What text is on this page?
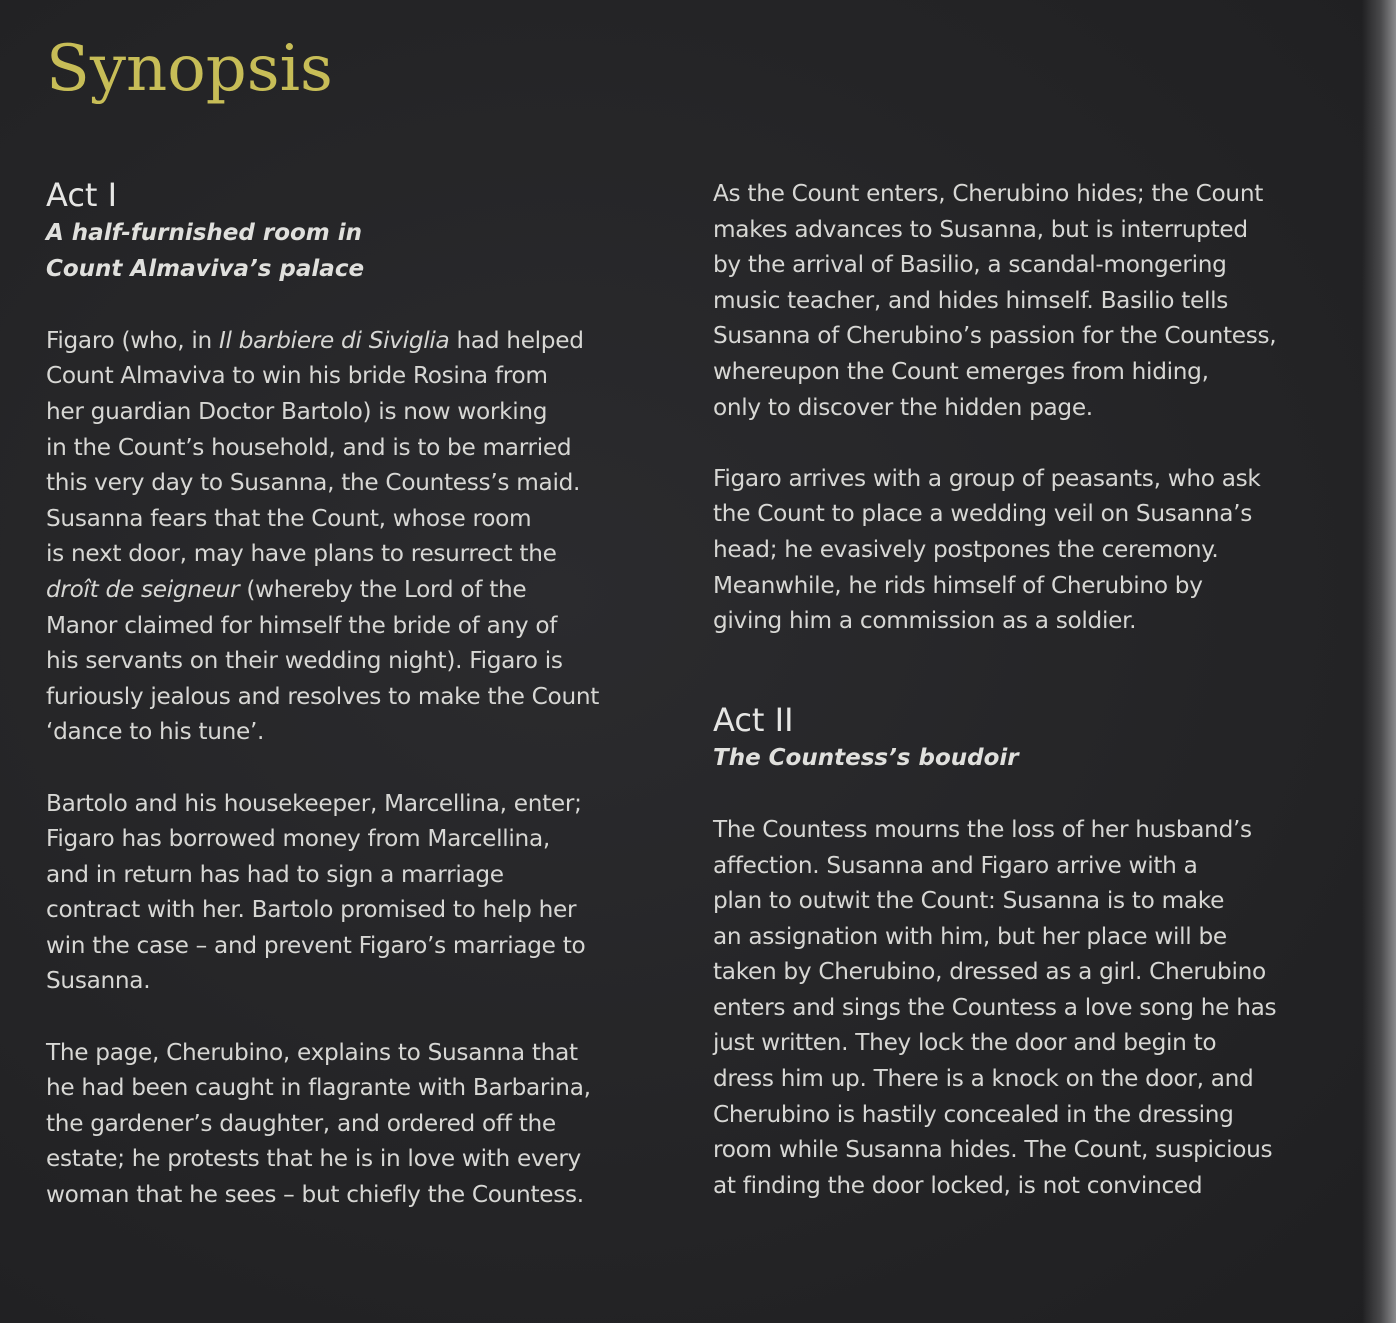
Synopsis
Act I
A half-furnished room in
Count Almaviva’s palace

Figaro (who, in Il barbiere di Siviglia had helped
Count Almaviva to win his bride Rosina from
her guardian Doctor Bartolo) is now working
in the Count’s household, and is to be married
this very day to Susanna, the Countess’s maid.
Susanna fears that the Count, whose room
is next door, may have plans to resurrect the
droît de seigneur (whereby the Lord of the
Manor claimed for himself the bride of any of
his servants on their wedding night). Figaro is
furiously jealous and resolves to make the Count
‘dance to his tune’.

Bartolo and his housekeeper, Marcellina, enter;
Figaro has borrowed money from Marcellina,
and in return has had to sign a marriage
contract with her. Bartolo promised to help her
win the case – and prevent Figaro’s marriage to
Susanna.

The page, Cherubino, explains to Susanna that
he had been caught in flagrante with Barbarina,
the gardener’s daughter, and ordered off the
estate; he protests that he is in love with every
woman that he sees – but chiefly the Countess.

As the Count enters, Cherubino hides; the Count
makes advances to Susanna, but is interrupted
by the arrival of Basilio, a scandal-mongering
music teacher, and hides himself. Basilio tells
Susanna of Cherubino’s passion for the Countess,
whereupon the Count emerges from hiding,
only to discover the hidden page.

Figaro arrives with a group of peasants, who ask
the Count to place a wedding veil on Susanna’s
head; he evasively postpones the ceremony.
Meanwhile, he rids himself of Cherubino by
giving him a commission as a soldier.

Act II
The Countess’s boudoir

The Countess mourns the loss of her husband’s
affection. Susanna and Figaro arrive with a
plan to outwit the Count: Susanna is to make
an assignation with him, but her place will be
taken by Cherubino, dressed as a girl. Cherubino
enters and sings the Countess a love song he has
just written. They lock the door and begin to
dress him up. There is a knock on the door, and
Cherubino is hastily concealed in the dressing
room while Susanna hides. The Count, suspicious
at finding the door locked, is not convinced
